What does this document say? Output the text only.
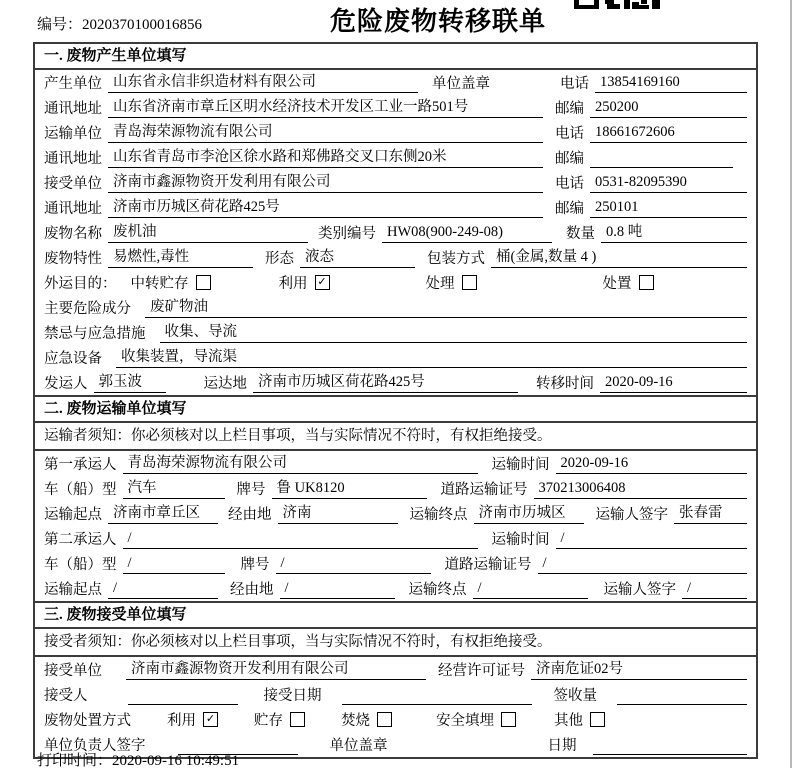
编号：2020370100016856	危险废物转移联单
一. 废物产生单位填写
产生单位 山东省永信非织造材料有限公司	单位盖章	电话 13854169160
通讯地址 山东省济南市章丘区明水经济技术开发区工业一路501号	邮编 250200
运输单位 青岛海荣源物流有限公司	电话 18661672606
通讯地址 山东省青岛市李沧区徐水路和郑佛路交叉口东侧20米	邮编
接受单位 济南市鑫源物资开发利用有限公司	电话 0531-82095390
通讯地址 济南市历城区荷花路425号	邮编 250101
废物名称 废机油	类别编号 HW08(900-249-08)	数量 0.8 吨
废物特性 易燃性,毒性	形态 液态	包装方式 桶(金属,数量 4 )
外运目的： 中转贮存	利用 ✓	处理	处置
主要危险成分	废矿物油
禁忌与应急措施	收集、导流
应急设备	收集装置，导流渠
发运人 郭玉波	运达地 济南市历城区荷花路425号	转移时间 2020-09-16
二. 废物运输单位填写
运输者须知：你必须核对以上栏目事项，当与实际情况不符时，有权拒绝接受。
第一承运人 青岛海荣源物流有限公司	运输时间 2020-09-16
车（船）型 汽车	牌号 鲁 UK8120	道路运输证号 370213006408
运输起点 济南市章丘区	经由地 济南	运输终点 济南市历城区	运输人签字 张春雷
第二承运人 /	运输时间 /
车（船）型 /	牌号 /	道路运输证号 /
运输起点 /	经由地 /	运输终点 /	运输人签字 /
三. 废物接受单位填写
接受者须知：你必须核对以上栏目事项，当与实际情况不符时，有权拒绝接受。
接受单位	济南市鑫源物资开发利用有限公司	经营许可证号 济南危证02号
接受人	接受日期	签收量
废物处置方式 利用 ✓	贮存	焚烧	安全填埋	其他
单位负责人签字	单位盖章	日期
打印时间：2020-09-16 10:49:51
